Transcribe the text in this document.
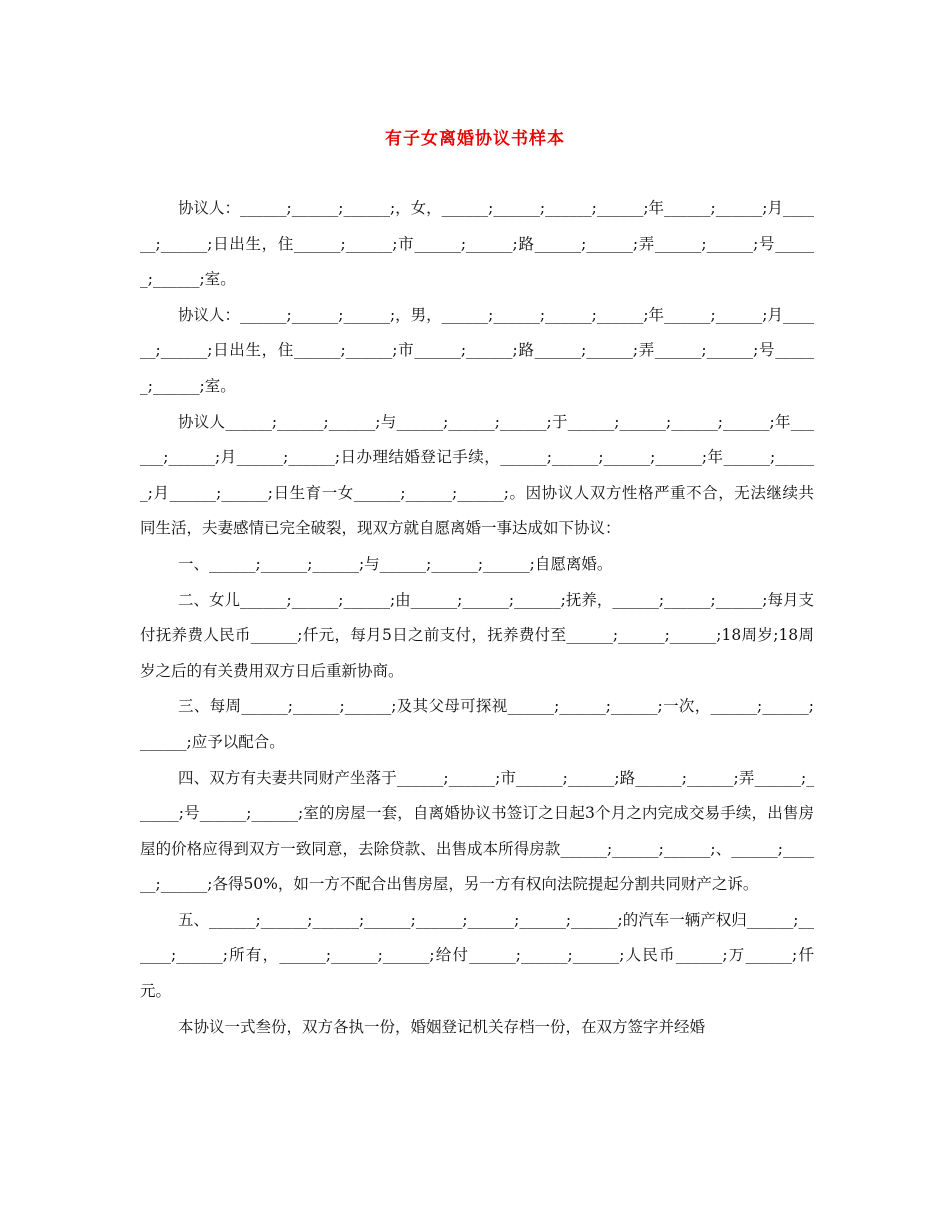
有子女离婚协议书样本

协议人：______;______;______;，女，______;______;______;______;年______;______;月______;______;日出生，住______;______;市______;______;路______;______;弄______;______;号______;______;室。

协议人：______;______;______;，男，______;______;______;______;年______;______;月______;______;日出生，住______;______;市______;______;路______;______;弄______;______;号______;______;室。

协议人______;______;______;与______;______;______;于______;______;______;______;年______;______;月______;______;日办理结婚登记手续，______;______;______;______;年______;______;月______;______;日生育一女______;______;______;。因协议人双方性格严重不合，无法继续共同生活，夫妻感情已完全破裂，现双方就自愿离婚一事达成如下协议：

一、______;______;______;与______;______;______;自愿离婚。

二、女儿______;______;______;由______;______;______;抚养，______;______;______;每月支付抚养费人民币______;仟元，每月5日之前支付，抚养费付至______;______;______;18周岁;18周岁之后的有关费用双方日后重新协商。

三、每周______;______;______;及其父母可探视______;______;______;一次，______;______;______;应予以配合。

四、双方有夫妻共同财产坐落于______;______;市______;______;路______;______;弄______;______;号______;______;室的房屋一套，自离婚协议书签订之日起3个月之内完成交易手续，出售房屋的价格应得到双方一致同意，去除贷款、出售成本所得房款______;______;______;、______;______;______;各得50%，如一方不配合出售房屋，另一方有权向法院提起分割共同财产之诉。

五、______;______;______;______;______;______;______;______;的汽车一辆产权归______;______;______;所有，______;______;______;给付______;______;______;人民币______;万______;仟元。

本协议一式叁份，双方各执一份，婚姻登记机关存档一份，在双方签字并经婚
